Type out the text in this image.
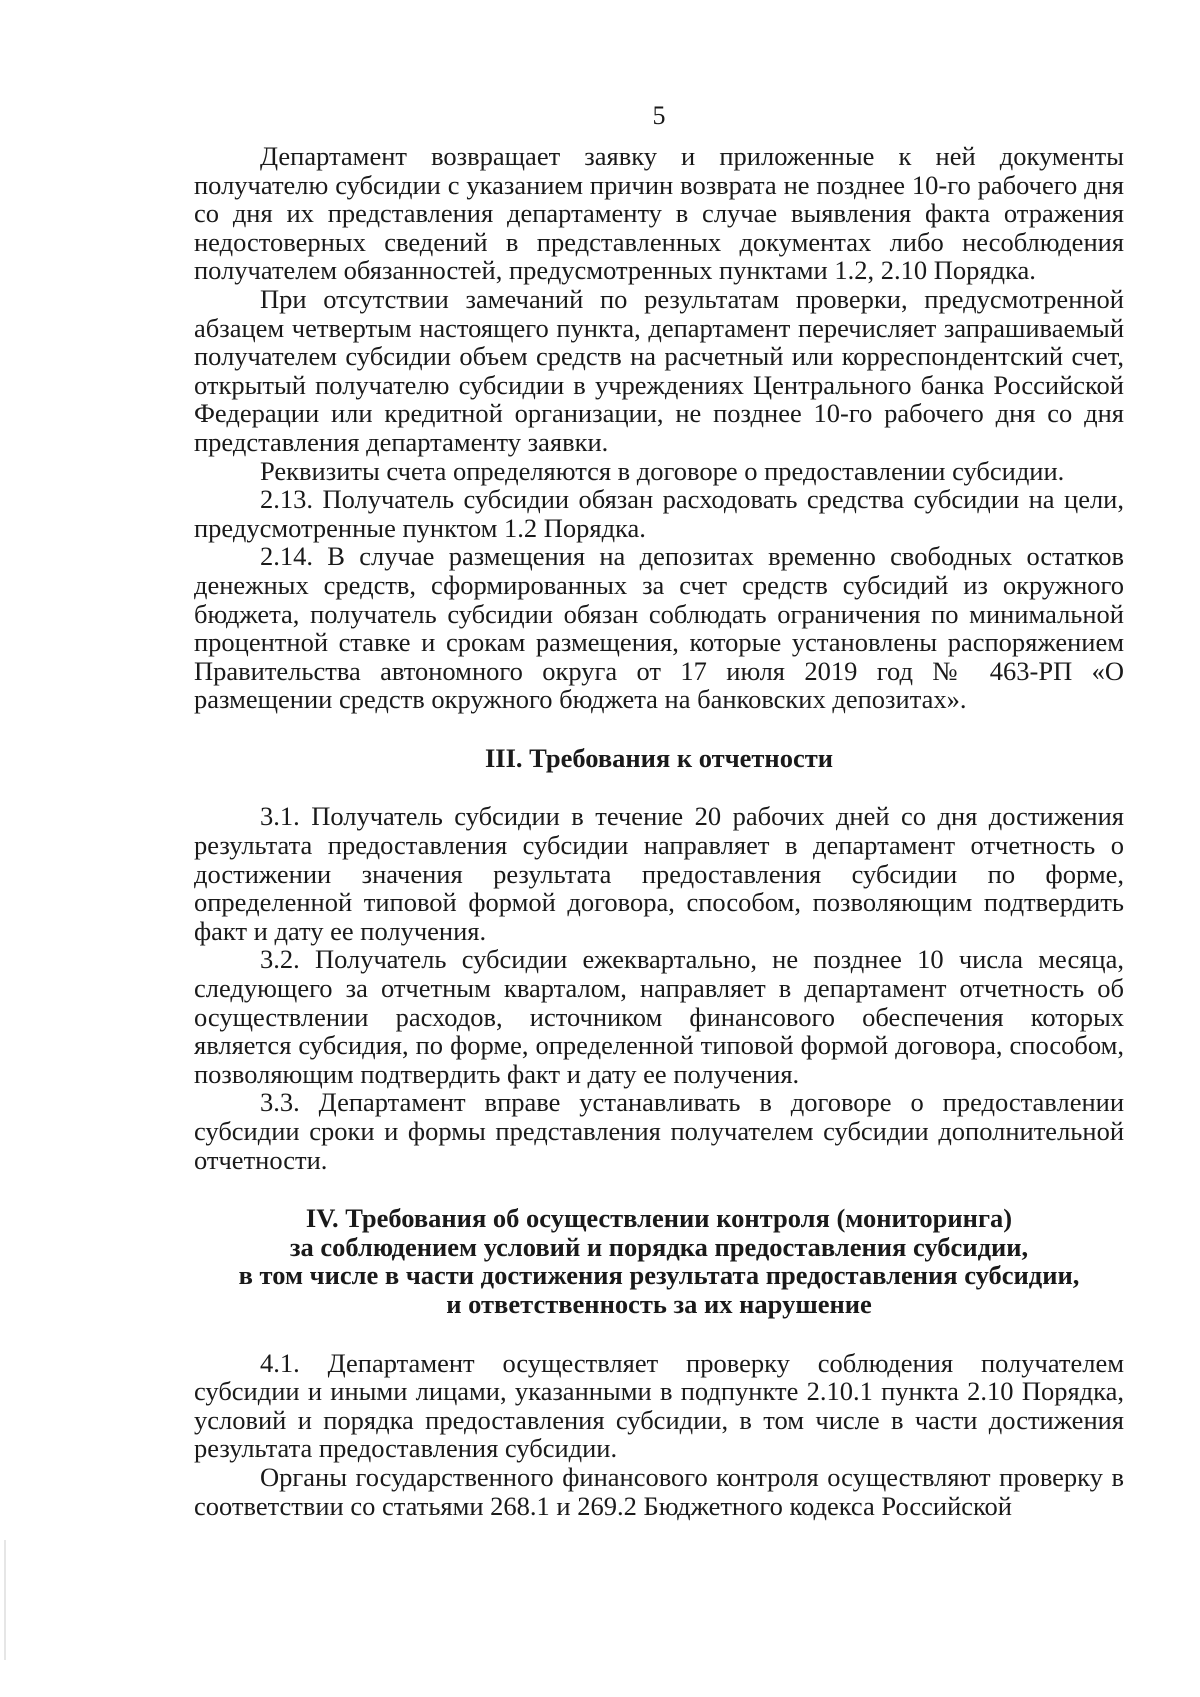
5

Департамент возвращает заявку и приложенные к ней документы получателю субсидии с указанием причин возврата не позднее 10-го рабочего дня со дня их представления департаменту в случае выявления факта отражения недостоверных сведений в представленных документах либо несоблюдения получателем обязанностей, предусмотренных пунктами 1.2, 2.10 Порядка.

При отсутствии замечаний по результатам проверки, предусмотренной абзацем четвертым настоящего пункта, департамент перечисляет запрашиваемый получателем субсидии объем средств на расчетный или корреспондентский счет, открытый получателю субсидии в учреждениях Центрального банка Российской Федерации или кредитной организации, не позднее 10-го рабочего дня со дня представления департаменту заявки.

Реквизиты счета определяются в договоре о предоставлении субсидии.

2.13. Получатель субсидии обязан расходовать средства субсидии на цели, предусмотренные пунктом 1.2 Порядка.

2.14. В случае размещения на депозитах временно свободных остатков денежных средств, сформированных за счет средств субсидий из окружного бюджета, получатель субсидии обязан соблюдать ограничения по минимальной процентной ставке и срокам размещения, которые установлены распоряжением Правительства автономного округа от 17 июля 2019 год № 463-РП «О размещении средств окружного бюджета на банковских депозитах».

III. Требования к отчетности

3.1. Получатель субсидии в течение 20 рабочих дней со дня достижения результата предоставления субсидии направляет в департамент отчетность о достижении значения результата предоставления субсидии по форме, определенной типовой формой договора, способом, позволяющим подтвердить факт и дату ее получения.

3.2. Получатель субсидии ежеквартально, не позднее 10 числа месяца, следующего за отчетным кварталом, направляет в департамент отчетность об осуществлении расходов, источником финансового обеспечения которых является субсидия, по форме, определенной типовой формой договора, способом, позволяющим подтвердить факт и дату ее получения.

3.3. Департамент вправе устанавливать в договоре о предоставлении субсидии сроки и формы представления получателем субсидии дополнительной отчетности.

IV. Требования об осуществлении контроля (мониторинга)
за соблюдением условий и порядка предоставления субсидии,
в том числе в части достижения результата предоставления субсидии,
и ответственность за их нарушение

4.1. Департамент осуществляет проверку соблюдения получателем субсидии и иными лицами, указанными в подпункте 2.10.1 пункта 2.10 Порядка, условий и порядка предоставления субсидии, в том числе в части достижения результата предоставления субсидии.

Органы государственного финансового контроля осуществляют проверку в соответствии со статьями 268.1 и 269.2 Бюджетного кодекса Российской
